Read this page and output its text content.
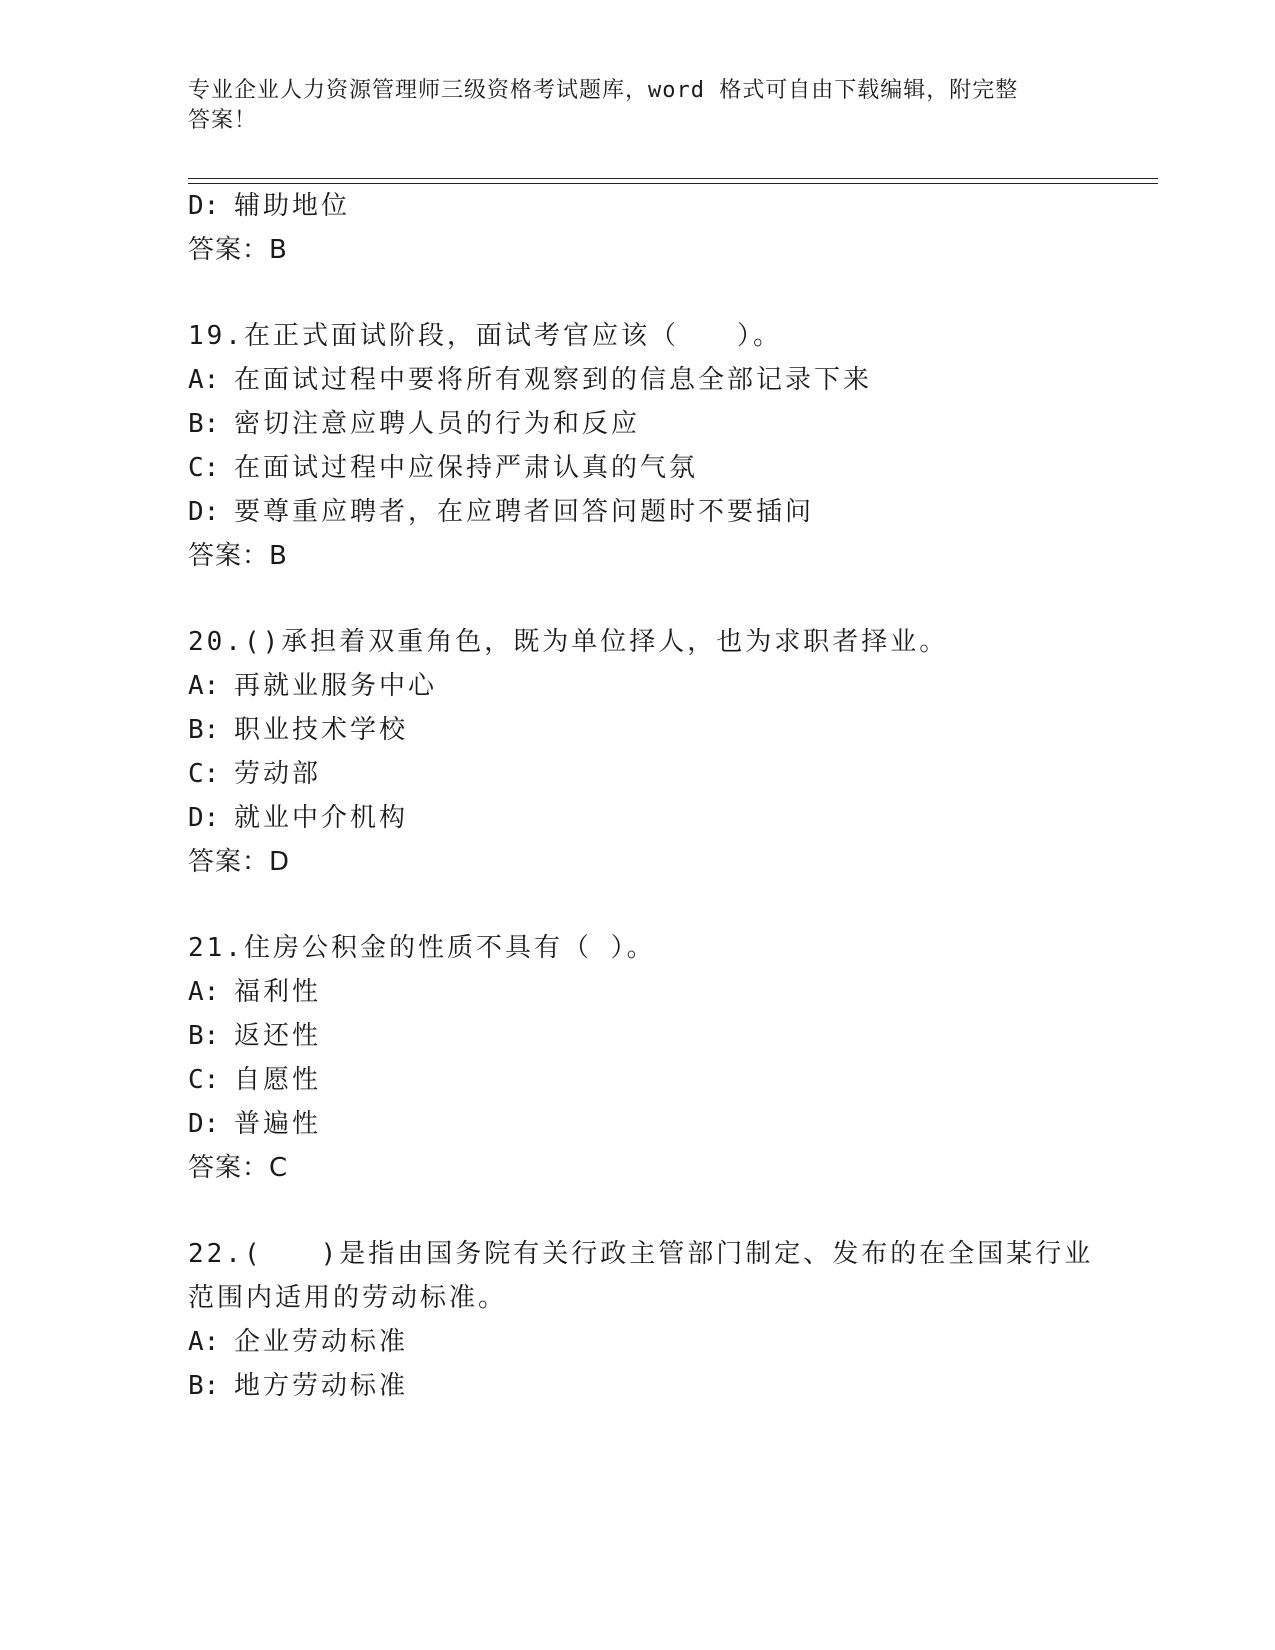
专业企业人力资源管理师三级资格考试题库，word 格式可自由下载编辑，附完整
答案！
D: 辅助地位
答案：B
19.在正式面试阶段，面试考官应该（　　）。
A: 在面试过程中要将所有观察到的信息全部记录下来
B: 密切注意应聘人员的行为和反应
C: 在面试过程中应保持严肃认真的气氛
D: 要尊重应聘者，在应聘者回答问题时不要插问
答案：B
20.()承担着双重角色，既为单位择人，也为求职者择业。
A: 再就业服务中心
B: 职业技术学校
C: 劳动部
D: 就业中介机构
答案：D
21.住房公积金的性质不具有（ ）。
A: 福利性
B: 返还性
C: 自愿性
D: 普遍性
答案：C
22.(　　)是指由国务院有关行政主管部门制定、发布的在全国某行业
范围内适用的劳动标准。
A: 企业劳动标准
B: 地方劳动标准
